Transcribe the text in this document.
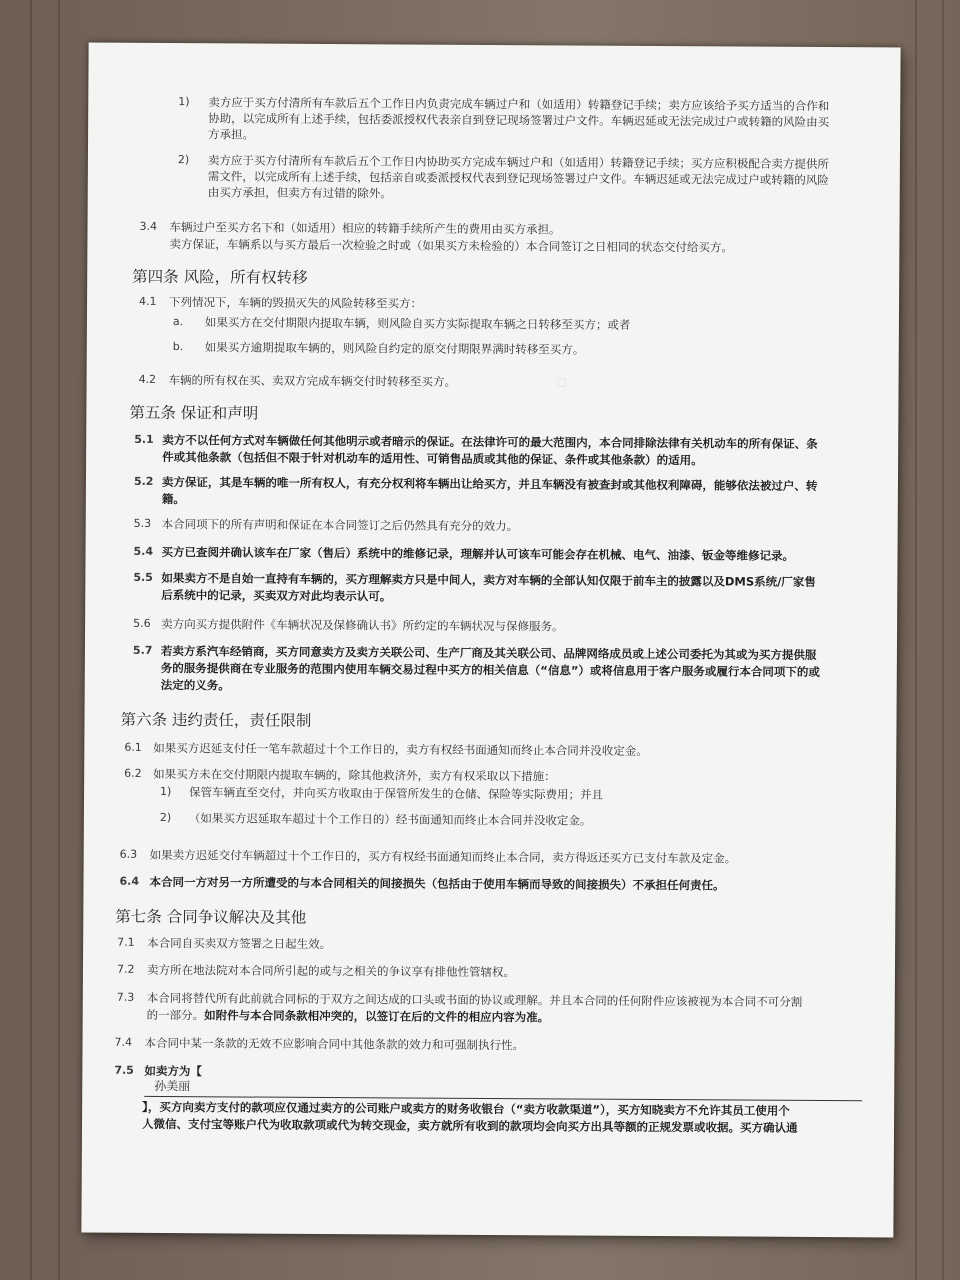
▢
1) 卖方应于买方付清所有车款后五个工作日内负责完成车辆过户和（如适用）转籍登记手续；卖方应该给予买方适当的合作和
协助，以完成所有上述手续，包括委派授权代表亲自到登记现场签署过户文件。车辆迟延或无法完成过户或转籍的风险由买
方承担。
2) 卖方应于买方付清所有车款后五个工作日内协助买方完成车辆过户和（如适用）转籍登记手续；买方应积极配合卖方提供所
需文件，以完成所有上述手续，包括亲自或委派授权代表到登记现场签署过户文件。车辆迟延或无法完成过户或转籍的风险
由买方承担，但卖方有过错的除外。
3.4 车辆过户至买方名下和（如适用）相应的转籍手续所产生的费用由买方承担。
卖方保证，车辆系以与买方最后一次检验之时或（如果买方未检验的）本合同签订之日相同的状态交付给买方。
第四条 风险，所有权转移
4.1 下列情况下，车辆的毁损灭失的风险转移至买方：
a. 如果买方在交付期限内提取车辆，则风险自买方实际提取车辆之日转移至买方；或者
b. 如果买方逾期提取车辆的，则风险自约定的原交付期限界满时转移至买方。
4.2 车辆的所有权在买、卖双方完成车辆交付时转移至买方。
第五条 保证和声明
5.1 卖方不以任何方式对车辆做任何其他明示或者暗示的保证。在法律许可的最大范围内，本合同排除法律有关机动车的所有保证、条
件或其他条款（包括但不限于针对机动车的适用性、可销售品质或其他的保证、条件或其他条款）的适用。
5.2 卖方保证，其是车辆的唯一所有权人，有充分权利将车辆出让给买方，并且车辆没有被查封或其他权利障碍，能够依法被过户、转
籍。
5.3 本合同项下的所有声明和保证在本合同签订之后仍然具有充分的效力。
5.4 买方已查阅并确认该车在厂家（售后）系统中的维修记录，理解并认可该车可能会存在机械、电气、油漆、钣金等维修记录。
5.5 如果卖方不是自始一直持有车辆的，买方理解卖方只是中间人，卖方对车辆的全部认知仅限于前车主的披露以及DMS系统/厂家售
后系统中的记录，买卖双方对此均表示认可。
5.6 卖方向买方提供附件《车辆状况及保修确认书》所约定的车辆状况与保修服务。
5.7 若卖方系汽车经销商，买方同意卖方及卖方关联公司、生产厂商及其关联公司、品牌网络成员或上述公司委托为其或为买方提供服
务的服务提供商在专业服务的范围内使用车辆交易过程中买方的相关信息（“信息”）或将信息用于客户服务或履行本合同项下的或
法定的义务。
第六条 违约责任，责任限制
6.1 如果买方迟延支付任一笔车款超过十个工作日的，卖方有权经书面通知而终止本合同并没收定金。
6.2 如果买方未在交付期限内提取车辆的，除其他救济外，卖方有权采取以下措施：
1) 保管车辆直至交付，并向买方收取由于保管所发生的仓储、保险等实际费用；并且
2) （如果买方迟延取车超过十个工作日的）经书面通知而终止本合同并没收定金。
6.3 如果卖方迟延交付车辆超过十个工作日的，买方有权经书面通知而终止本合同，卖方得返还买方已支付车款及定金。
6.4 本合同一方对另一方所遭受的与本合同相关的间接损失（包括由于使用车辆而导致的间接损失）不承担任何责任。
第七条 合同争议解决及其他
7.1 本合同自买卖双方签署之日起生效。
7.2 卖方所在地法院对本合同所引起的或与之相关的争议享有排他性管辖权。
7.3 本合同将替代所有此前就合同标的于双方之间达成的口头或书面的协议或理解。并且本合同的任何附件应该被视为本合同不可分割
的一部分。如附件与本合同条款相冲突的，以签订在后的文件的相应内容为准。
7.4 本合同中某一条款的无效不应影响合同中其他条款的效力和可强制执行性。
7.5 如卖方为【
孙美丽
】，买方向卖方支付的款项应仅通过卖方的公司账户或卖方的财务收银台（“卖方收款渠道”），买方知晓卖方不允许其员工使用个
人微信、支付宝等账户代为收取款项或代为转交现金，卖方就所有收到的款项均会向买方出具等额的正规发票或收据。买方确认通
